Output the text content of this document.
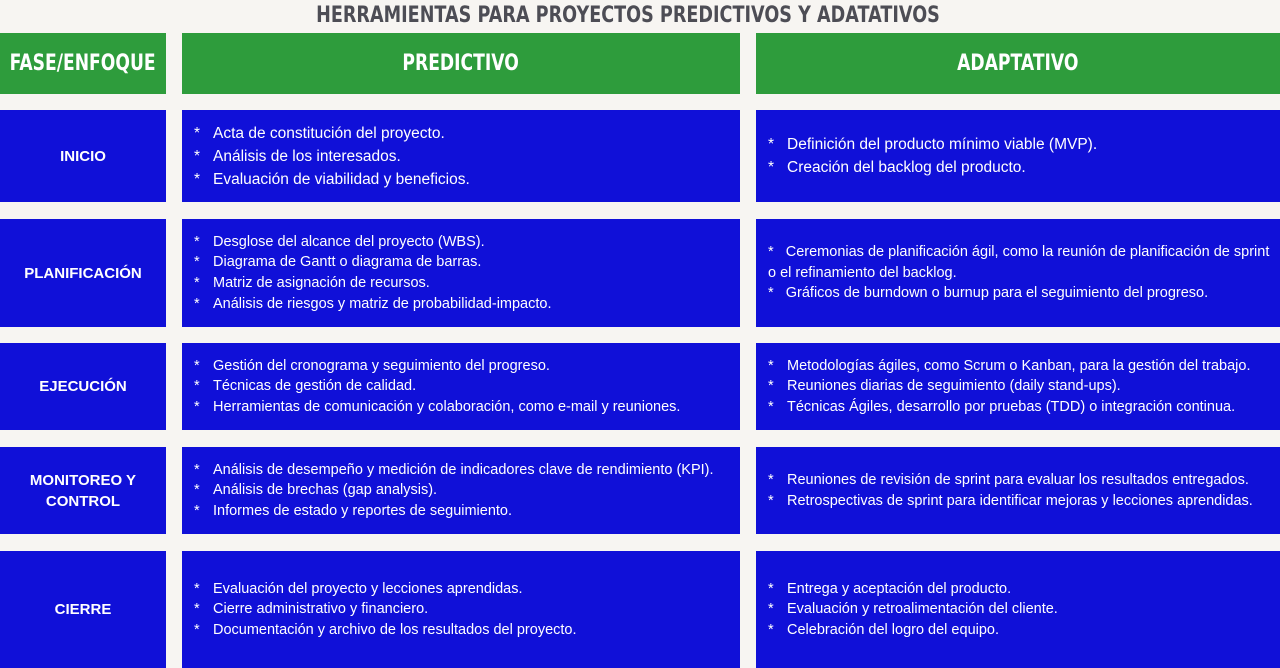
HERRAMIENTAS PARA PROYECTOS PREDICTIVOS Y ADATATIVOS
FASE/ENFOQUE	PREDICTIVO	ADAPTATIVO
INICIO
* Acta de constitución del proyecto.
* Análisis de los interesados.
* Evaluación de viabilidad y beneficios.
* Definición del producto mínimo viable (MVP).
* Creación del backlog del producto.
PLANIFICACIÓN
* Desglose del alcance del proyecto (WBS).
* Diagrama de Gantt o diagrama de barras.
* Matriz de asignación de recursos.
* Análisis de riesgos y matriz de probabilidad-impacto.
* Ceremonias de planificación ágil, como la reunión de planificación de sprint o el refinamiento del backlog.
* Gráficos de burndown o burnup para el seguimiento del progreso.
EJECUCIÓN
* Gestión del cronograma y seguimiento del progreso.
* Técnicas de gestión de calidad.
* Herramientas de comunicación y colaboración, como e-mail y reuniones.
* Metodologías ágiles, como Scrum o Kanban, para la gestión del trabajo.
* Reuniones diarias de seguimiento (daily stand-ups).
* Técnicas Ágiles, desarrollo por pruebas (TDD) o integración continua.
MONITOREO Y CONTROL
* Análisis de desempeño y medición de indicadores clave de rendimiento (KPI).
* Análisis de brechas (gap analysis).
* Informes de estado y reportes de seguimiento.
* Reuniones de revisión de sprint para evaluar los resultados entregados.
* Retrospectivas de sprint para identificar mejoras y lecciones aprendidas.
CIERRE
* Evaluación del proyecto y lecciones aprendidas.
* Cierre administrativo y financiero.
* Documentación y archivo de los resultados del proyecto.
* Entrega y aceptación del producto.
* Evaluación y retroalimentación del cliente.
* Celebración del logro del equipo.
